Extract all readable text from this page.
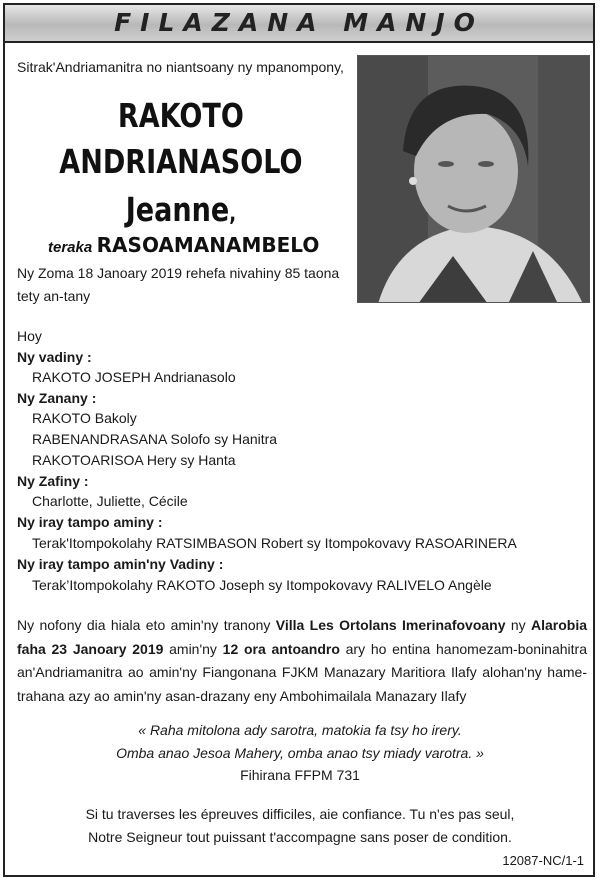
FILAZANA MANJO
Sitrak'Andriamanitra no niantsoany ny mpanompony,
RAKOTO
ANDRIANASOLO
Jeanne,
teraka RASOAMANAMBELO
Ny Zoma 18 Janoary 2019 rehefa nivahiny 85 taona
tety an-tany
Hoy
Ny vadiny :
RAKOTO JOSEPH Andrianasolo
Ny Zanany :
RAKOTO Bakoly
RABENANDRASANA Solofo sy Hanitra
RAKOTOARISOA Hery sy Hanta
Ny Zafiny :
Charlotte, Juliette, Cécile
Ny iray tampo aminy :
Terak'Itompokolahy RATSIMBASON Robert sy Itompokovavy RASOARINERA
Ny iray tampo amin'ny Vadiny :
Terak’Itompokolahy RAKOTO Joseph sy Itompokovavy RALIVELO Angèle
Ny nofony dia hiala eto amin'ny tranony Villa Les Ortolans Imerinafovoany ny Alarobia faha 23 Janoary 2019 amin'ny 12 ora antoandro ary ho entina hanomezam-boninahitra an'Andriamanitra ao amin'ny Fiangonana FJKM Manazary Maritiora Ilafy alohan'ny hame-trahana azy ao amin'ny asan-drazany eny Ambohimailala Manazary Ilafy
« Raha mitolona ady sarotra, matokia fa tsy ho irery.
Omba anao Jesoa Mahery, omba anao tsy miady varotra. »
Fihirana FFPM 731
Si tu traverses les épreuves difficiles, aie confiance. Tu n'es pas seul,
Notre Seigneur tout puissant t'accompagne sans poser de condition.
12087-NC/1-1
